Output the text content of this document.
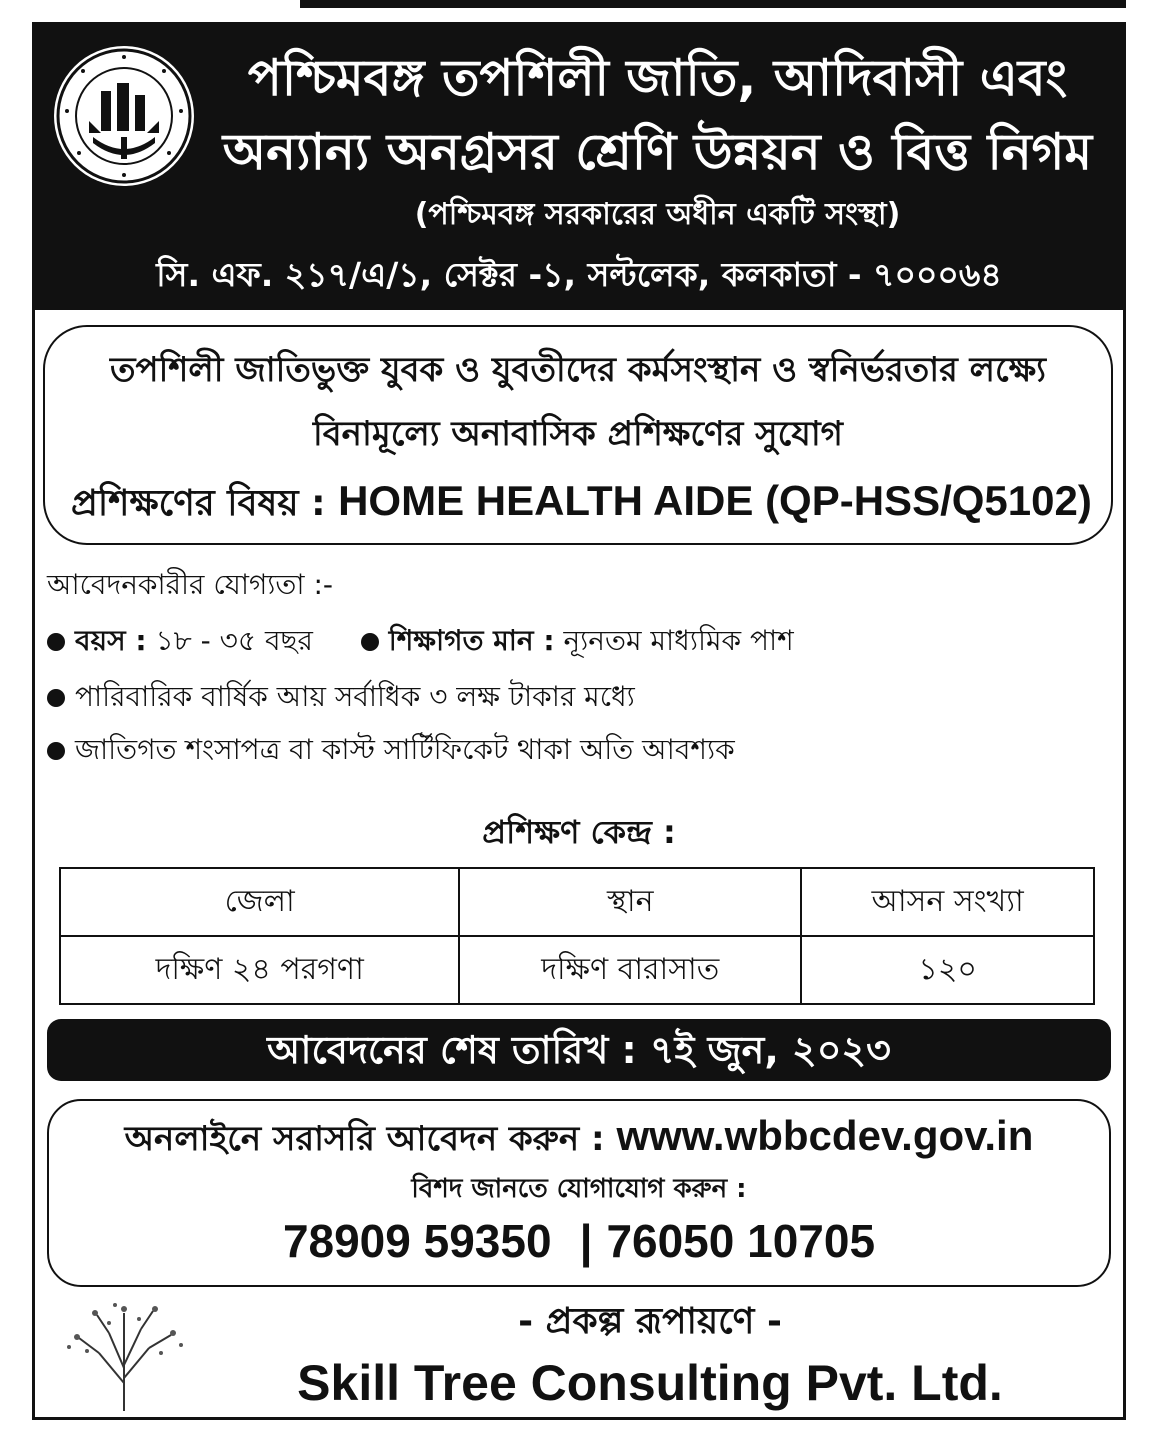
পশ্চিমবঙ্গ তপশিলী জাতি, আদিবাসী এবং
অন্যান্য অনগ্রসর শ্রেণি উন্নয়ন ও বিত্ত নিগম
(পশ্চিমবঙ্গ সরকারের অধীন একটি সংস্থা)
সি. এফ. ২১৭/এ/১, সেক্টর -১, সল্টলেক, কলকাতা - ৭০০০৬৪
তপশিলী জাতিভুক্ত যুবক ও যুবতীদের কর্মসংস্থান ও স্বনির্ভরতার লক্ষ্যে
বিনামূল্যে অনাবাসিক প্রশিক্ষণের সুযোগ
প্রশিক্ষণের বিষয় : HOME HEALTH AIDE (QP-HSS/Q5102)
আবেদনকারীর যোগ্যতা :-
বয়স : ১৮ - ৩৫ বছর	শিক্ষাগত মান : ন্যূনতম মাধ্যমিক পাশ
পারিবারিক বার্ষিক আয় সর্বাধিক ৩ লক্ষ টাকার মধ্যে
জাতিগত শংসাপত্র বা কাস্ট সার্টিফিকেট থাকা অতি আবশ্যক
প্রশিক্ষণ কেন্দ্র :
জেলা	স্থান	আসন সংখ্যা
দক্ষিণ ২৪ পরগণা	দক্ষিণ বারাসাত	১২০
আবেদনের শেষ তারিখ : ৭ই জুন, ২০২৩
অনলাইনে সরাসরি আবেদন করুন : www.wbbcdev.gov.in
বিশদ জানতে যোগাযোগ করুন :
78909 59350 | 76050 10705
- প্রকল্প রূপায়ণে -
Skill Tree Consulting Pvt. Ltd.
